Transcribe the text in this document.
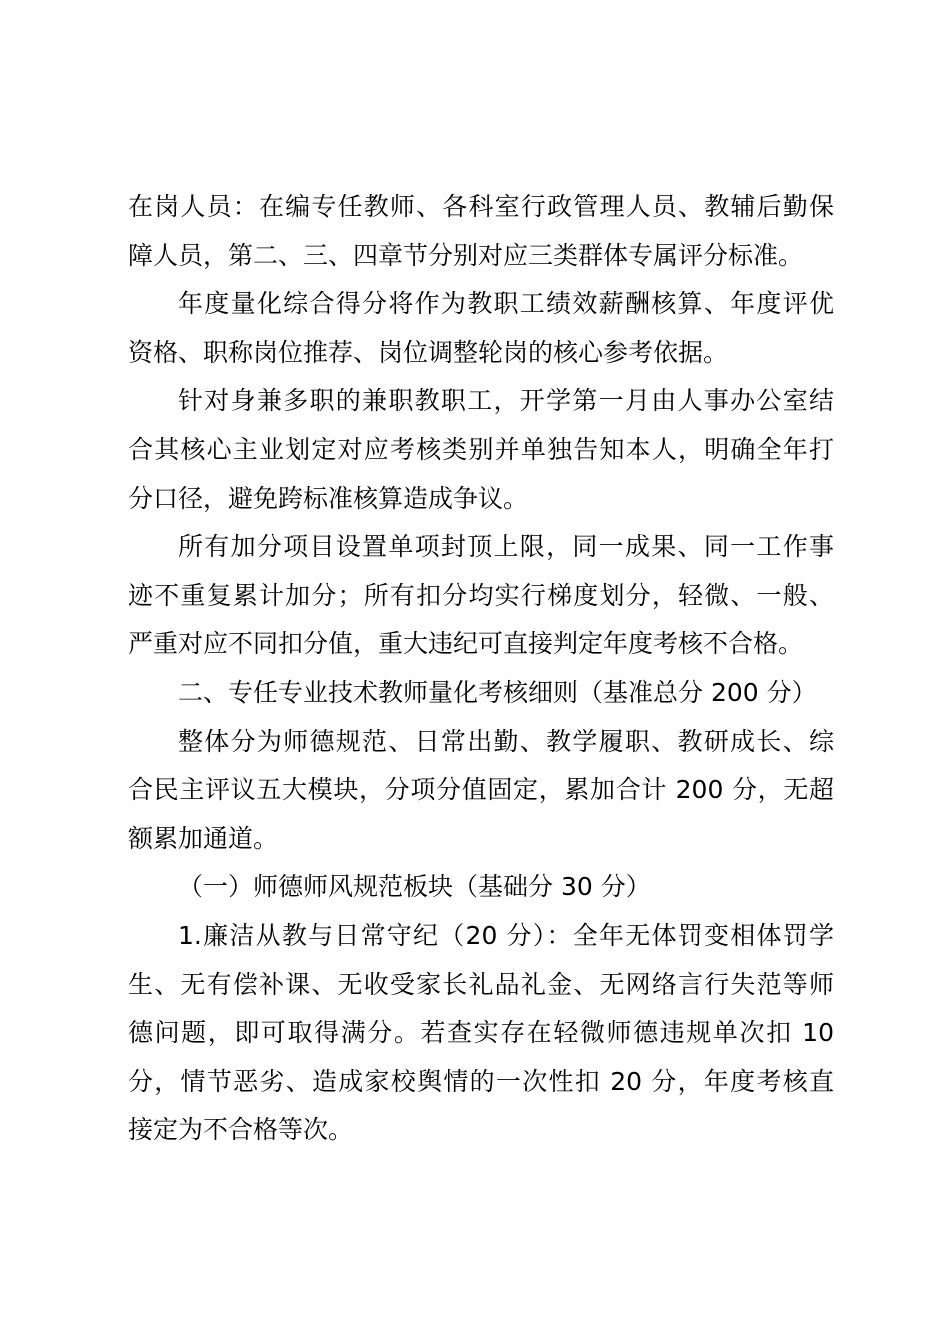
在岗人员：在编专任教师、各科室行政管理人员、教辅后勤保
障人员，第二、三、四章节分别对应三类群体专属评分标准。
年度量化综合得分将作为教职工绩效薪酬核算、年度评优
资格、职称岗位推荐、岗位调整轮岗的核心参考依据。
针对身兼多职的兼职教职工，开学第一月由人事办公室结
合其核心主业划定对应考核类别并单独告知本人，明确全年打
分口径，避免跨标准核算造成争议。
所有加分项目设置单项封顶上限，同一成果、同一工作事
迹不重复累计加分；所有扣分均实行梯度划分，轻微、一般、
严重对应不同扣分值，重大违纪可直接判定年度考核不合格。
二、专任专业技术教师量化考核细则（基准总分 200 分）
整体分为师德规范、日常出勤、教学履职、教研成长、综
合民主评议五大模块，分项分值固定，累加合计 200 分，无超
额累加通道。
（一）师德师风规范板块（基础分 30 分）
1.廉洁从教与日常守纪（20 分）：全年无体罚变相体罚学
生、无有偿补课、无收受家长礼品礼金、无网络言行失范等师
德问题，即可取得满分。若查实存在轻微师德违规单次扣 10
分，情节恶劣、造成家校舆情的一次性扣 20 分，年度考核直
接定为不合格等次。
